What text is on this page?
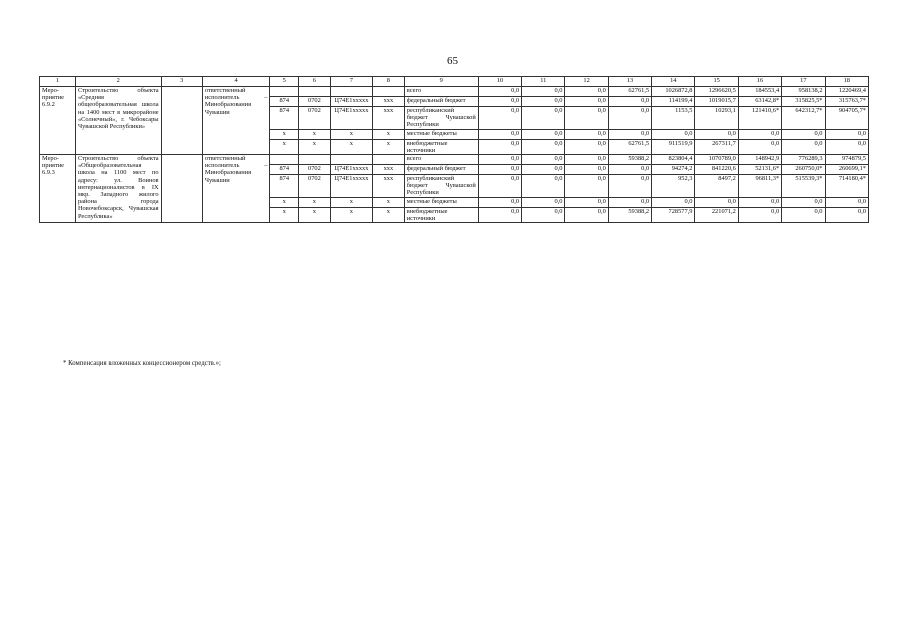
65
1	2	3	4	5	6	7	8	9	10	11	12	13	14	15	16	17	18
Меро-приятие 6.9.2	Строительство объекта «Средняя общеобразовательная школа на 1400 мест в микрорайоне «Солнечный», г. Чебоксары Чувашской Республики»		ответственный исполнитель – Минобразования Чувашии					всего	0,0	0,0	0,0	62761,5	1026872,8	1296620,5	184553,4	958138,2	1220469,4
				874	0702	Ц74Е1ххххх	ххх	федеральный бюджет	0,0	0,0	0,0	0,0	114199,4	1019015,7	63142,8*	315825,5*	315763,7*
				874	0702	Ц74Е1ххххх	ххх	республиканский бюджет Чувашской Республики	0,0	0,0	0,0	0,0	1153,5	10293,1	121410,6*	642312,7*	904705,7*
				х	х	х	х	местные бюджеты	0,0	0,0	0,0	0,0	0,0	0,0	0,0	0,0	0,0
				х	х	х	х	внебюджетные источники	0,0	0,0	0,0	62761,5	911519,9	267311,7	0,0	0,0	0,0
Меро-приятие 6.9.3	Строительство объекта «Общеобразовательная школа на 1100 мест по адресу: ул. Воинов интернационалистов в IX мкр. Западного жилого района города Новочебоксарск, Чувашская Республика»		ответственный исполнитель – Минобразования Чувашии					всего	0,0	0,0	0,0	59388,2	823804,4	1070789,0	148942,9	776289,3	974879,5
				874	0702	Ц74Е1ххххх	ххх	федеральный бюджет	0,0	0,0	0,0	0,0	94274,2	841220,6	52131,6*	260750,0*	260699,1*
				874	0702	Ц74Е1ххххх	ххх	республиканский бюджет Чувашской Республики	0,0	0,0	0,0	0,0	952,3	8497,2	96811,3*	515539,3*	714180,4*
				х	х	х	х	местные бюджеты	0,0	0,0	0,0	0,0	0,0	0,0	0,0	0,0	0,0
				х	х	х	х	внебюджетные источники	0,0	0,0	0,0	59388,2	728577,9	221071,2	0,0	0,0	0,0
* Компенсация вложенных концессионером средств.»;
